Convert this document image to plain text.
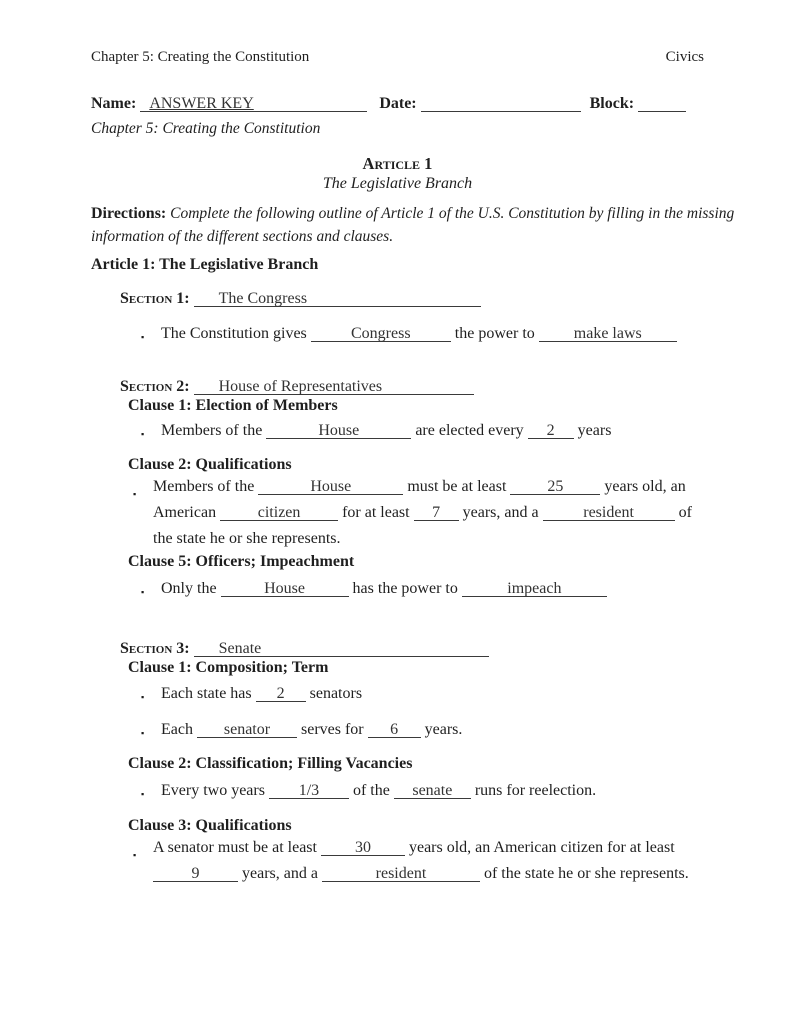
Chapter 5: Creating the Constitution	Civics
Name: ANSWER KEY	Date:	Block:
Chapter 5: Creating the Constitution
Article 1
The Legislative Branch
Directions: Complete the following outline of Article 1 of the U.S. Constitution by filling in the missing
information of the different sections and clauses.
Article 1: The Legislative Branch
Section 1: The Congress
▪ The Constitution gives	Congress	the power to make laws
Section 2: House of Representatives
Clause 1: Election of Members
▪ Members of the	House	are elected every 2 years
Clause 2: Qualifications
▪ Members of the	House	must be at least	25	years old, an
American	citizen	for at least 7 years, and a	resident	of
the state he or she represents.
Clause 5: Officers; Impeachment
▪ Only the	House	has the power to	impeach
Section 3: Senate
Clause 1: Composition; Term
▪ Each state has 2 senators
▪ Each senator serves for 6 years.
Clause 2: Classification; Filling Vacancies
▪ Every two years 1/3 of the senate runs for reelection.
Clause 3: Qualifications
▪ A senator must be at least 30 years old, an American citizen for at least
9	years, and a	resident	of the state he or she represents.
